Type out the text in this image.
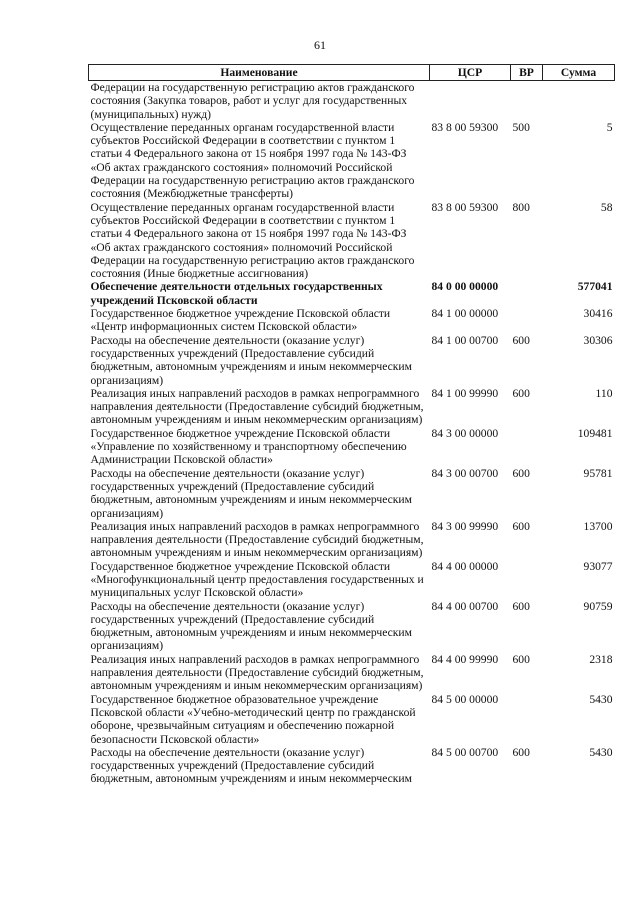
61
Наименование	ЦСР	ВР	Сумма
Федерации на государственную регистрацию актов гражданского состояния (Закупка товаров, работ и услуг для государственных (муниципальных) нужд)			
Осуществление переданных органам государственной власти субъектов Российской Федерации в соответствии с пунктом 1 статьи 4 Федерального закона от 15 ноября 1997 года № 143-ФЗ «Об актах гражданского состояния» полномочий Российской Федерации на государственную регистрацию актов гражданского состояния (Межбюджетные трансферты)	83 8 00 59300	500	5
Осуществление переданных органам государственной власти субъектов Российской Федерации в соответствии с пунктом 1 статьи 4 Федерального закона от 15 ноября 1997 года № 143-ФЗ «Об актах гражданского состояния» полномочий Российской Федерации на государственную регистрацию актов гражданского состояния (Иные бюджетные ассигнования)	83 8 00 59300	800	58
Обеспечение деятельности отдельных государственных учреждений Псковской области	84 0 00 00000		577041
Государственное бюджетное учреждение Псковской области «Центр информационных систем Псковской области»	84 1 00 00000		30416
Расходы на обеспечение деятельности (оказание услуг) государственных учреждений (Предоставление субсидий бюджетным, автономным учреждениям и иным некоммерческим организациям)	84 1 00 00700	600	30306
Реализация иных направлений расходов в рамках непрограммного направления деятельности (Предоставление субсидий бюджетным, автономным учреждениям и иным некоммерческим организациям)	84 1 00 99990	600	110
Государственное бюджетное учреждение Псковской области «Управление по хозяйственному и транспортному обеспечению Администрации Псковской области»	84 3 00 00000		109481
Расходы на обеспечение деятельности (оказание услуг) государственных учреждений (Предоставление субсидий бюджетным, автономным учреждениям и иным некоммерческим организациям)	84 3 00 00700	600	95781
Реализация иных направлений расходов в рамках непрограммного направления деятельности (Предоставление субсидий бюджетным, автономным учреждениям и иным некоммерческим организациям)	84 3 00 99990	600	13700
Государственное бюджетное учреждение Псковской области «Многофункциональный центр предоставления государственных и муниципальных услуг Псковской области»	84 4 00 00000		93077
Расходы на обеспечение деятельности (оказание услуг) государственных учреждений (Предоставление субсидий бюджетным, автономным учреждениям и иным некоммерческим организациям)	84 4 00 00700	600	90759
Реализация иных направлений расходов в рамках непрограммного направления деятельности (Предоставление субсидий бюджетным, автономным учреждениям и иным некоммерческим организациям)	84 4 00 99990	600	2318
Государственное бюджетное образовательное учреждение Псковской области «Учебно-методический центр по гражданской обороне, чрезвычайным ситуациям и обеспечению пожарной безопасности Псковской области»	84 5 00 00000		5430
Расходы на обеспечение деятельности (оказание услуг) государственных учреждений (Предоставление субсидий бюджетным, автономным учреждениям и иным некоммерческим	84 5 00 00700	600	5430
